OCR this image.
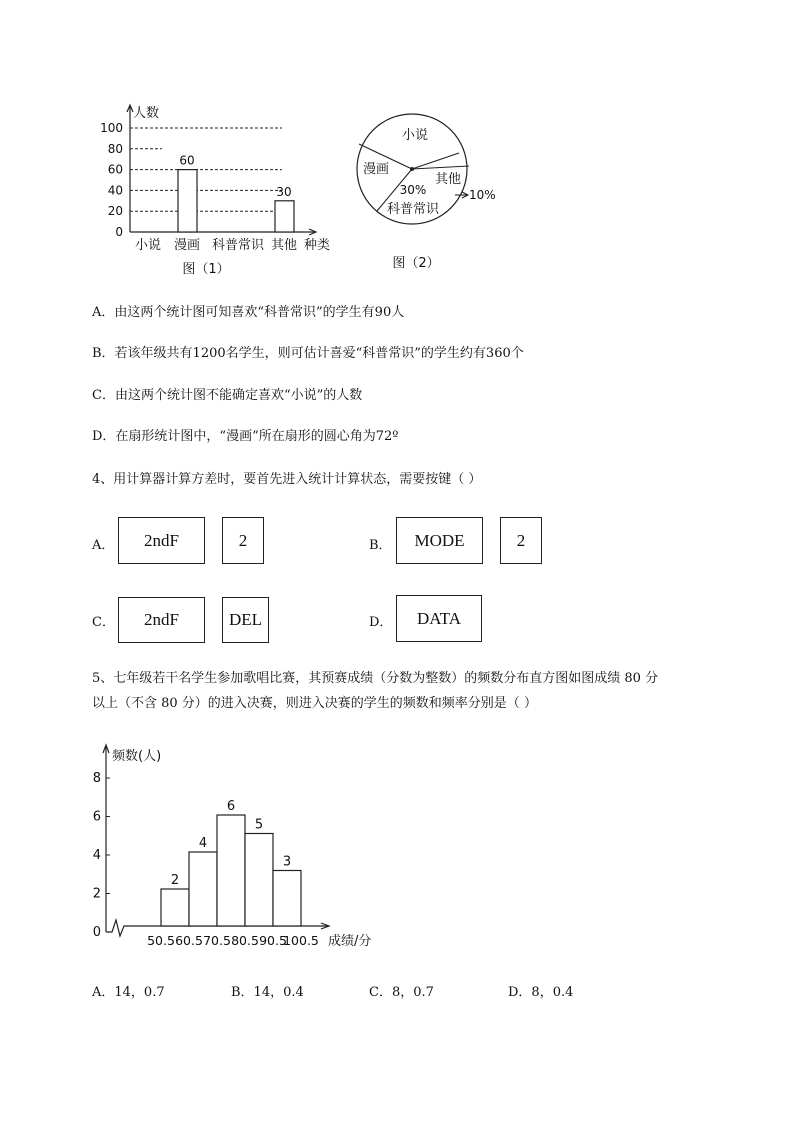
0
20
40
60
80
100
人数
小说 漫画
60
科普常识 其他
30
种类
图（1）
小说
漫画
科普常识
其他
30%	10%
图（2）
A．由这两个统计图可知喜欢“科普常识”的学生有90人
B．若该年级共有1200名学生，则可估计喜爱“科普常识”的学生约有360个
C．由这两个统计图不能确定喜欢“小说”的人数
D．在扇形统计图中，“漫画”所在扇形的圆心角为72º
4、用计算器计算方差时，要首先进入统计计算状态，需要按键（ ）
A．	2ndF	2	B．	MODE	2
C．	2ndF	DEL	D．	DATA
5、七年级若干名学生参加歌唱比赛，其预赛成绩（分数为整数）的频数分布直方图如图成绩 80 分
以上（不含 80 分）的进入决赛，则进入决赛的学生的频数和频率分别是（ ）
频数(人)
成绩/分
0
2
4
6
8
2
4
6
5
3
50.5 60.5 70.5 80.5 90.5
100.5
A．14，0.7	B．14，0.4	C．8，0.7	D．8，0.4
